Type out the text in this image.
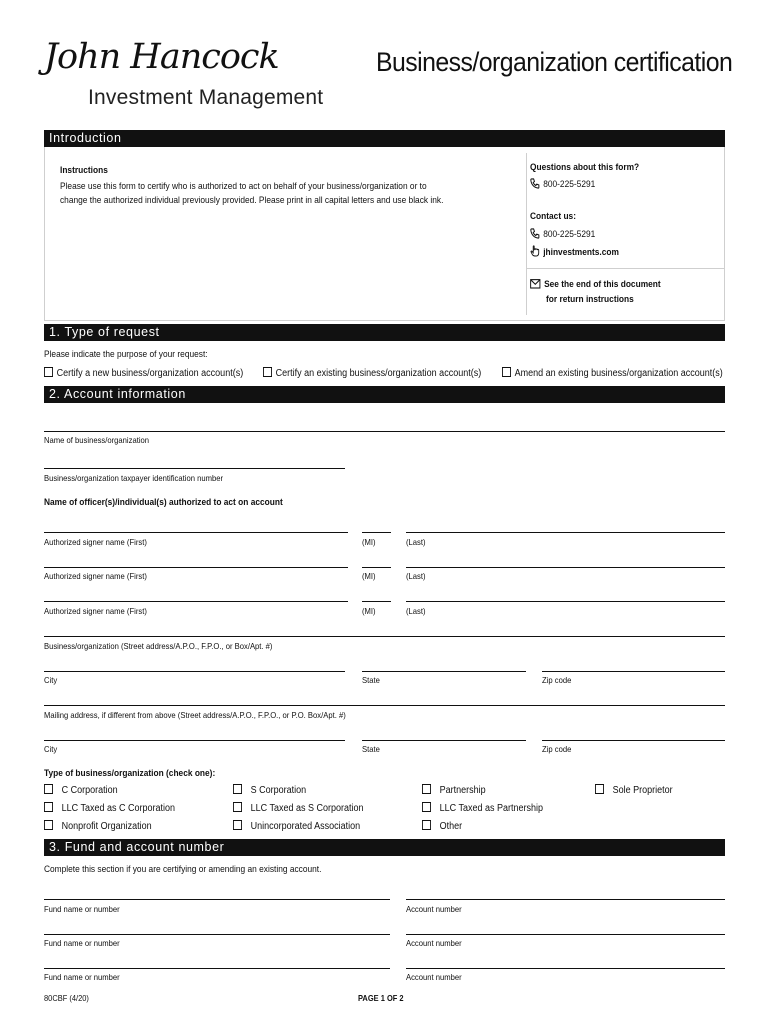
John Hancock
Investment Management
Business/organization certification
Introduction
Instructions
Please use this form to certify who is authorized to act on behalf of your business/organization or to
change the authorized individual previously provided. Please print in all capital letters and use black ink.
Questions about this form?
800-225-5291
Contact us:
800-225-5291
jhinvestments.com
See the end of this document
for return instructions
1. Type of request
Please indicate the purpose of your request:
Certify a new business/organization account(s)	Certify an existing business/organization account(s)	Amend an existing business/organization account(s)
2. Account information
Name of business/organization
Business/organization taxpayer identification number
Name of officer(s)/individual(s) authorized to act on account
Authorized signer name (First)	(MI)	(Last)
Authorized signer name (First)	(MI)	(Last)
Authorized signer name (First)	(MI)	(Last)
Business/organization (Street address/A.P.O., F.P.O., or Box/Apt. #)
City	State	Zip code
Mailing address, if different from above (Street address/A.P.O., F.P.O., or P.O. Box/Apt. #)
City	State	Zip code
Type of business/organization (check one):
C Corporation	S Corporation	Partnership	Sole Proprietor
LLC Taxed as C Corporation	LLC Taxed as S Corporation	LLC Taxed as Partnership
Nonprofit Organization	Unincorporated Association	Other
3. Fund and account number
Complete this section if you are certifying or amending an existing account.
Fund name or number	Account number
Fund name or number	Account number
Fund name or number	Account number
80CBF (4/20)	PAGE 1 OF 2
